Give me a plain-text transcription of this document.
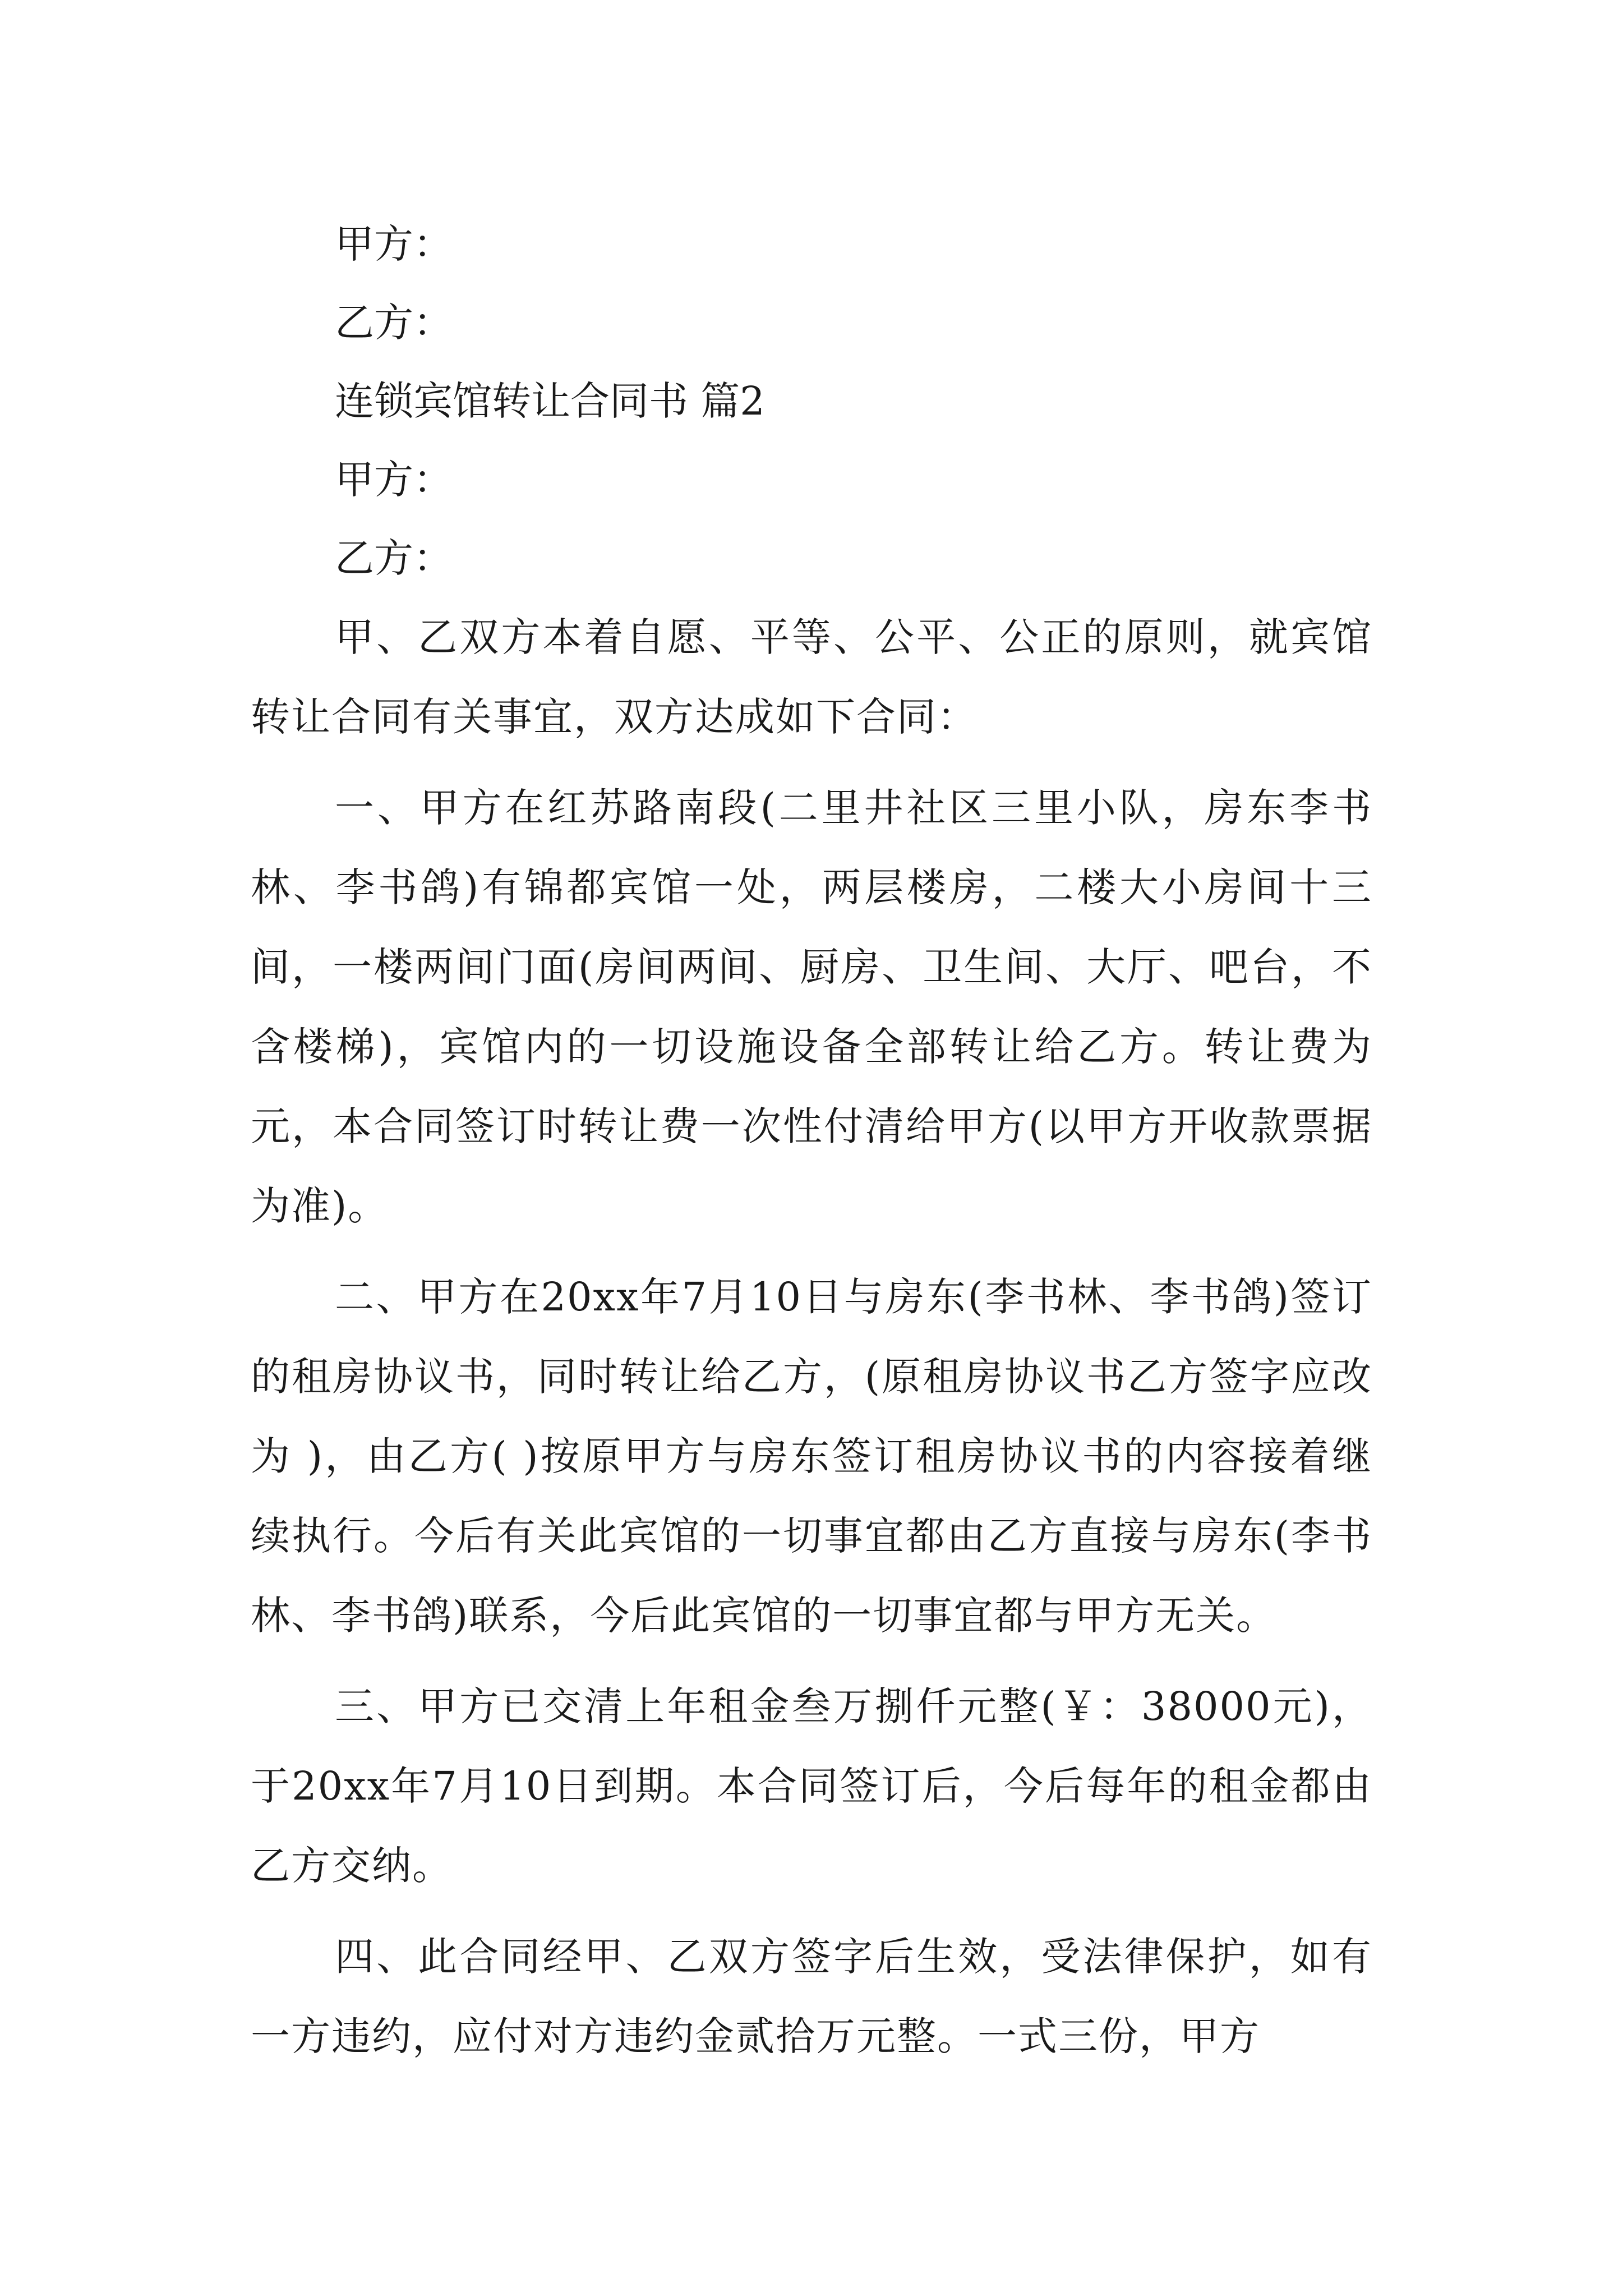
甲方：

乙方：

连锁宾馆转让合同书 篇2

甲方：

乙方：

甲、乙双方本着自愿、平等、公平、公正的原则，就宾馆转让合同有关事宜，双方达成如下合同：

一、甲方在红苏路南段(二里井社区三里小队，房东李书林、李书鸽)有锦都宾馆一处，两层楼房，二楼大小房间十三间，一楼两间门面(房间两间、厨房、卫生间、大厅、吧台，不含楼梯)，宾馆内的一切设施设备全部转让给乙方。转让费为 元，本合同签订时转让费一次性付清给甲方(以甲方开收款票据为准)。

二、甲方在20xx年7月10日与房东(李书林、李书鸽)签订的租房协议书，同时转让给乙方，(原租房协议书乙方签字应改为 )，由乙方( )按原甲方与房东签订租房协议书的内容接着继续执行。今后有关此宾馆的一切事宜都由乙方直接与房东(李书林、李书鸽)联系，今后此宾馆的一切事宜都与甲方无关。

三、甲方已交清上年租金叁万捌仟元整(￥：38000元)，于20xx年7月10日到期。本合同签订后，今后每年的租金都由乙方交纳。

四、此合同经甲、乙双方签字后生效，受法律保护，如有一方违约，应付对方违约金贰拾万元整。一式三份，甲方
